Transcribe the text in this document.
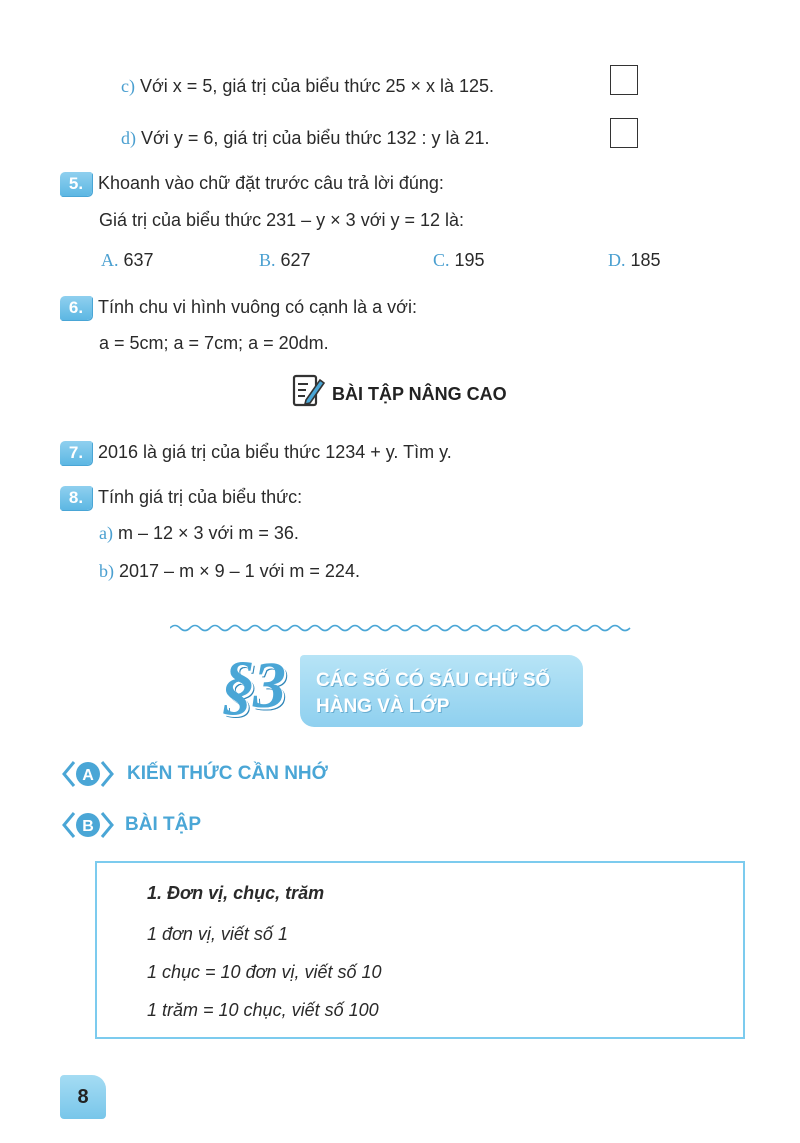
c) Với x = 5, giá trị của biểu thức 25 × x là 125.
d) Với y = 6, giá trị của biểu thức 132 : y là 21.
5. Khoanh vào chữ đặt trước câu trả lời đúng:
Giá trị của biểu thức 231 – y × 3 với y = 12 là:
A. 637	B. 627	C. 195	D. 185
6. Tính chu vi hình vuông có cạnh là a với:
a = 5cm; a = 7cm; a = 20dm.
BÀI TẬP NÂNG CAO
7. 2016 là giá trị của biểu thức 1234 + y. Tìm y.
8. Tính giá trị của biểu thức:
a) m – 12 × 3 với m = 36.
b) 2017 – m × 9 – 1 với m = 224.
§3 CÁC SỐ CÓ SÁU CHỮ SỐ
HÀNG VÀ LỚP
A KIẾN THỨC CẦN NHỚ
B BÀI TẬP
1. Đơn vị, chục, trăm
1 đơn vị, viết số 1
1 chục = 10 đơn vị, viết số 10
1 trăm = 10 chục, viết số 100
8
